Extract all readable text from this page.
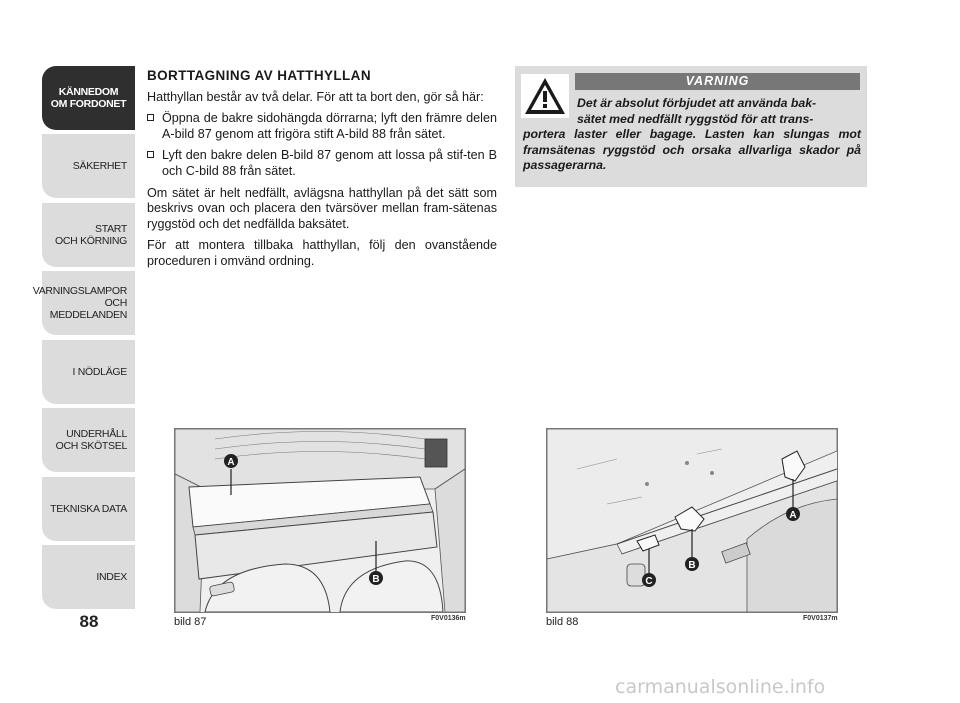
KÄNNEDOM
OM FORDONET
SÄKERHET
START
OCH KÖRNING
VARNINGSLAMPOR
OCH
MEDDELANDEN
I NÖDLÄGE
UNDERHÅLL
OCH SKÖTSEL
TEKNISKA DATA
INDEX
88
BORTTAGNING AV HATTHYLLAN

Hatthyllan består av två delar. För att ta bort den, gör så här:

Öppna de bakre sidohängda dörrarna; lyft den främre delen A-bild 87 genom att frigöra stift A-bild 88 från sätet.
Lyft den bakre delen B-bild 87 genom att lossa på stif-ten B och C-bild 88 från sätet.

Om sätet är helt nedfällt, avlägsna hatthyllan på det sätt som beskrivs ovan och placera den tvärsöver mellan fram-sätenas ryggstöd och det nedfällda baksätet.

För att montera tillbaka hatthyllan, följ den ovanstående proceduren i omvänd ordning.

VARNING
Det är absolut förbjudet att använda bak-
sätet med nedfällt ryggstöd för att trans-
portera laster eller bagage. Lasten kan slungas mot framsätenas ryggstöd och orsaka allvarliga skador på passagerarna.
A
B
bild 87	F0V0136m
A
B
C
bild 88	F0V0137m
carmanualsonline.info
